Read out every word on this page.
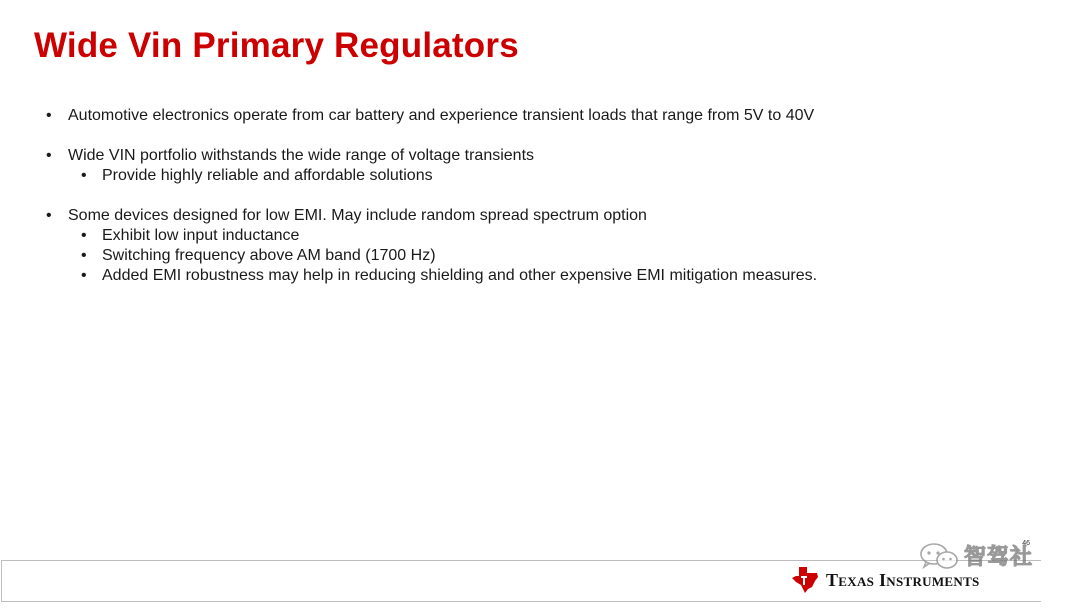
Wide Vin Primary Regulators
• Automotive electronics operate from car battery and experience transient loads that range from 5V to 40V
• Wide VIN portfolio withstands the wide range of voltage transients
• Provide highly reliable and affordable solutions
• Some devices designed for low EMI. May include random spread spectrum option
• Exhibit low input inductance
• Switching frequency above AM band (1700 Hz)
• Added EMI robustness may help in reducing shielding and other expensive EMI mitigation measures.
46
Texas Instruments
智驾社
